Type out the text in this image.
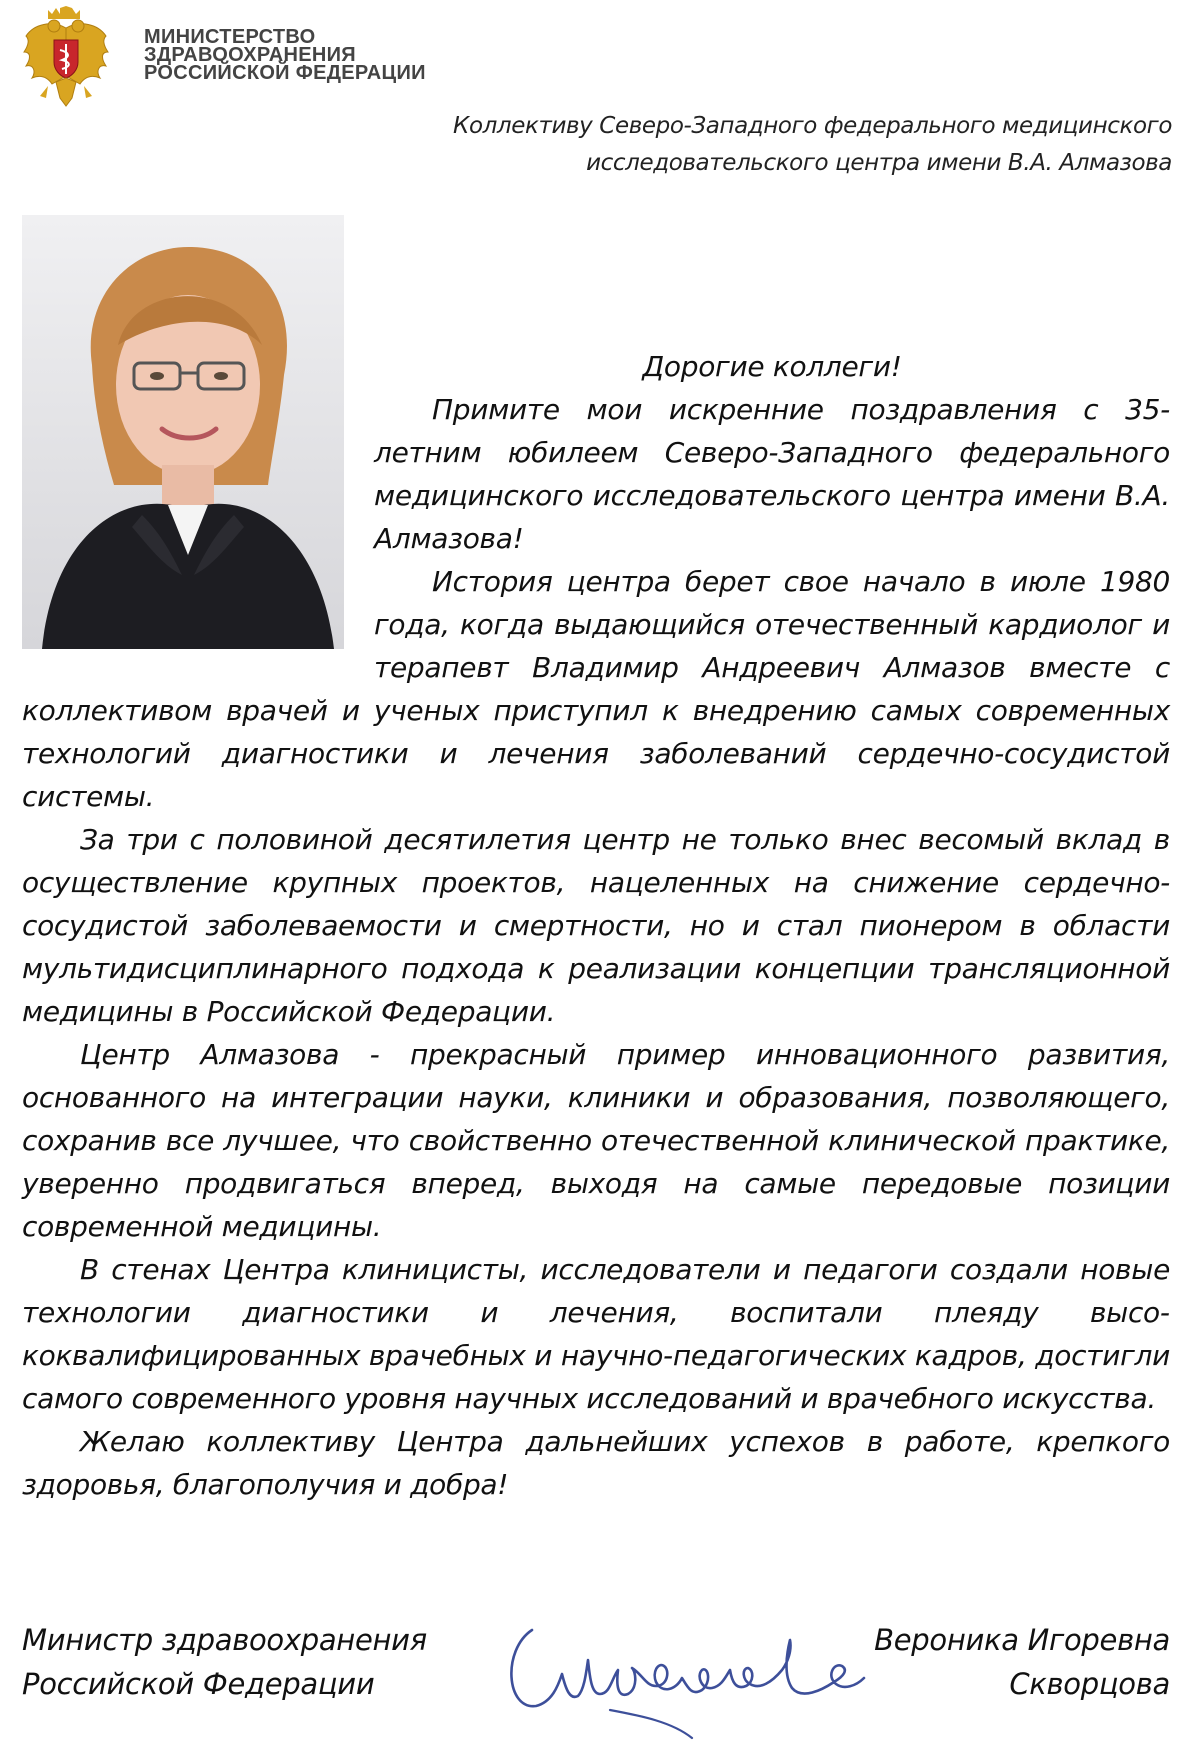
МИНИСТЕРСТВО
ЗДРАВООХРАНЕНИЯ
РОССИЙСКОЙ ФЕДЕРАЦИИ
Коллективу Северо-Западного федерального медицинского
исследовательского центра имени В.А. Алмазова
Дорогие коллеги!

Примите мои искренние поздравления с 35-летним юбилеем Северо-Западного федерального медицинского исследовательского центра имени В.А. Алмазова!

История центра берет свое начало в июле 1980 года, когда выдающийся отечественный кардиолог и терапевт Владимир Андреевич Алмазов вместе с коллективом врачей и ученых приступил к внедрению самых современных технологий диагностики и лечения заболеваний сердечно-сосудистой системы.

За три с половиной десятилетия центр не только внес весомый вклад в осуществление крупных проектов, нацеленных на снижение сердечно-сосудистой заболеваемости и смертности, но и стал пионером в области мультидисциплинарного подхода к реализации концепции трансляционной медицины в Российской Федерации.

Центр Алмазова - прекрасный пример инновационного развития, основанного на интеграции науки, клиники и образования, позволяющего, сохранив все лучшее, что свойственно отечественной клинической практике, уверенно продвигаться вперед, выходя на самые передовые позиции современной медицины.

В стенах Центра клиницисты, исследователи и педагоги создали новые технологии диагностики и лечения, воспитали плеяду высококвалифицированных врачебных и научно-педагогических кадров, достигли самого современного уровня научных исследований и врачебного искусства.

Желаю коллективу Центра дальнейших успехов в работе, крепкого здоровья, благополучия и добра!

Министр здравоохранения
Российской Федерации
Вероника Игоревна
Скворцова
